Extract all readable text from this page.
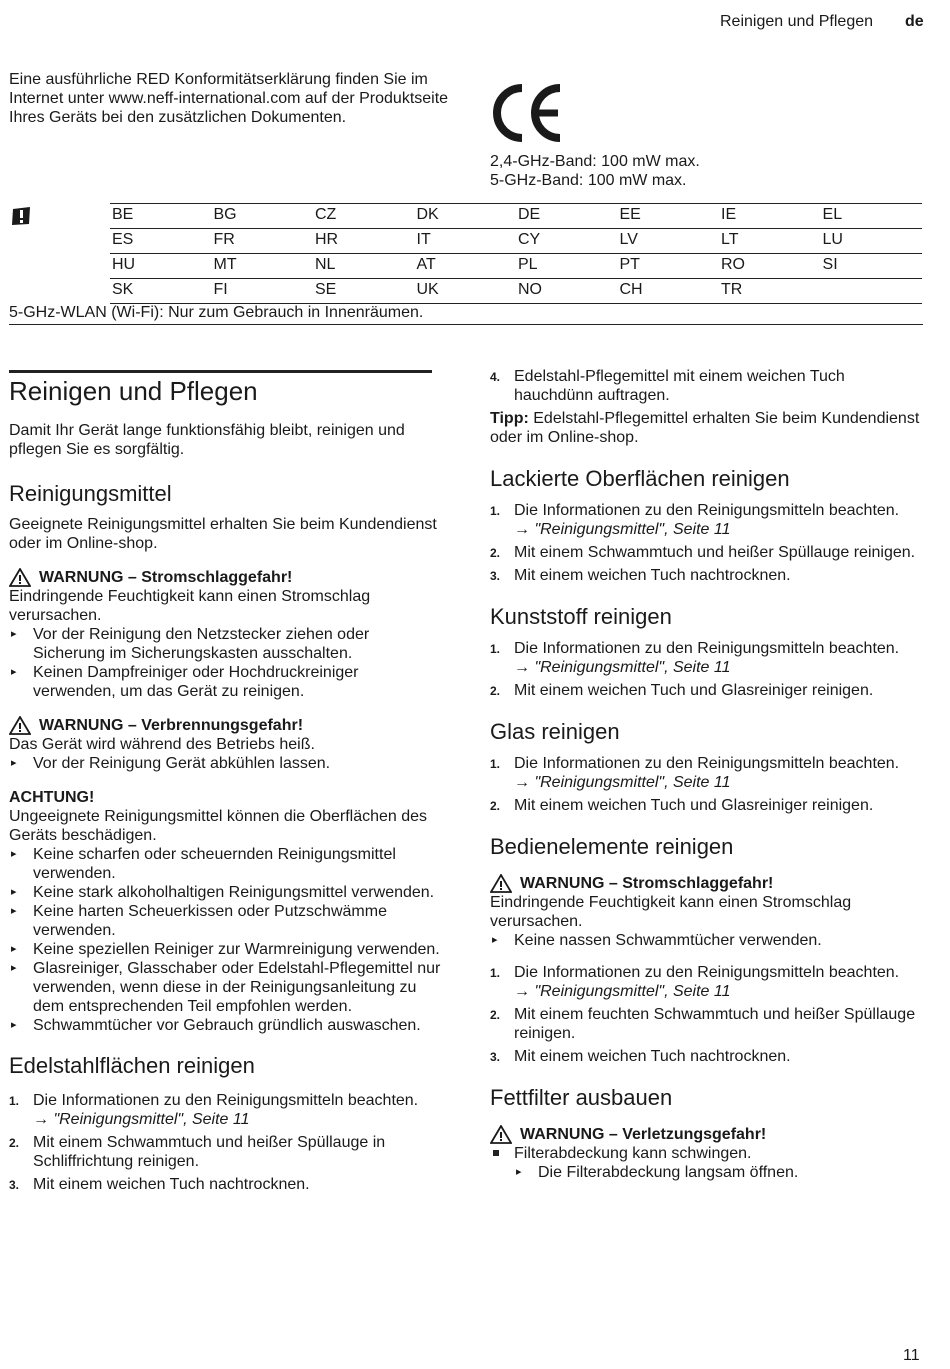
Reinigen und Pflegen de

Eine ausführliche RED Konformitätserklärung finden Sie im Internet unter www.neff-international.com auf der Produktseite Ihres Geräts bei den zusätzlichen Dokumenten.

2,4-GHz-Band: 100 mW max.
5-GHz-Band: 100 mW max.
BE	BG	CZ	DK	DE	EE	IE	EL
ES	FR	HR	IT	CY	LV	LT	LU
HU	MT	NL	AT	PL	PT	RO	SI
SK	FI	SE	UK	NO	CH	TR	
5-GHz-WLAN (Wi-Fi): Nur zum Gebrauch in Innenräumen.
Reinigen und Pflegen

Damit Ihr Gerät lange funktionsfähig bleibt, reinigen und pflegen Sie es sorgfältig.

Reinigungsmittel

Geeignete Reinigungsmittel erhalten Sie beim Kundendienst oder im Online-shop.

WARNUNG – Stromschlaggefahr!

Eindringende Feuchtigkeit kann einen Stromschlag verursachen.

▸ Vor der Reinigung den Netzstecker ziehen oder Sicherung im Sicherungskasten ausschalten.
▸ Keinen Dampfreiniger oder Hochdruckreiniger verwenden, um das Gerät zu reinigen.
WARNUNG – Verbrennungsgefahr!

Das Gerät wird während des Betriebs heiß.

▸ Vor der Reinigung Gerät abkühlen lassen.

ACHTUNG!

Ungeeignete Reinigungsmittel können die Oberflächen des Geräts beschädigen.

▸ Keine scharfen oder scheuernden Reinigungsmittel verwenden.
▸ Keine stark alkoholhaltigen Reinigungsmittel verwenden.
▸ Keine harten Scheuerkissen oder Putzschwämme verwenden.
▸ Keine speziellen Reiniger zur Warmreinigung verwenden.
▸ Glasreiniger, Glasschaber oder Edelstahl-Pflegemittel nur verwenden, wenn diese in der Reinigungsanleitung zu dem entsprechenden Teil empfohlen werden.
▸ Schwammtücher vor Gebrauch gründlich auswaschen.
Edelstahlflächen reinigen
1. Die Informationen zu den Reinigungsmitteln beachten.
→ "Reinigungsmittel", Seite 11
2. Mit einem Schwammtuch und heißer Spüllauge in Schliffrichtung reinigen.
3. Mit einem weichen Tuch nachtrocknen.
4. Edelstahl-Pflegemittel mit einem weichen Tuch hauchdünn auftragen.

Tipp: Edelstahl-Pflegemittel erhalten Sie beim Kundendienst oder im Online-shop.

Lackierte Oberflächen reinigen
1. Die Informationen zu den Reinigungsmitteln beachten.
→ "Reinigungsmittel", Seite 11
2. Mit einem Schwammtuch und heißer Spüllauge reinigen.
3. Mit einem weichen Tuch nachtrocknen.
Kunststoff reinigen
1. Die Informationen zu den Reinigungsmitteln beachten.
→ "Reinigungsmittel", Seite 11
2. Mit einem weichen Tuch und Glasreiniger reinigen.
Glas reinigen
1. Die Informationen zu den Reinigungsmitteln beachten.
→ "Reinigungsmittel", Seite 11
2. Mit einem weichen Tuch und Glasreiniger reinigen.
Bedienelemente reinigen
WARNUNG – Stromschlaggefahr!

Eindringende Feuchtigkeit kann einen Stromschlag verursachen.

▸ Keine nassen Schwammtücher verwenden.
1. Die Informationen zu den Reinigungsmitteln beachten.
→ "Reinigungsmittel", Seite 11
2. Mit einem feuchten Schwammtuch und heißer Spüllauge reinigen.
3. Mit einem weichen Tuch nachtrocknen.
Fettfilter ausbauen
WARNUNG – Verletzungsgefahr!
Filterabdeckung kann schwingen.
▸ Die Filterabdeckung langsam öffnen.
11
